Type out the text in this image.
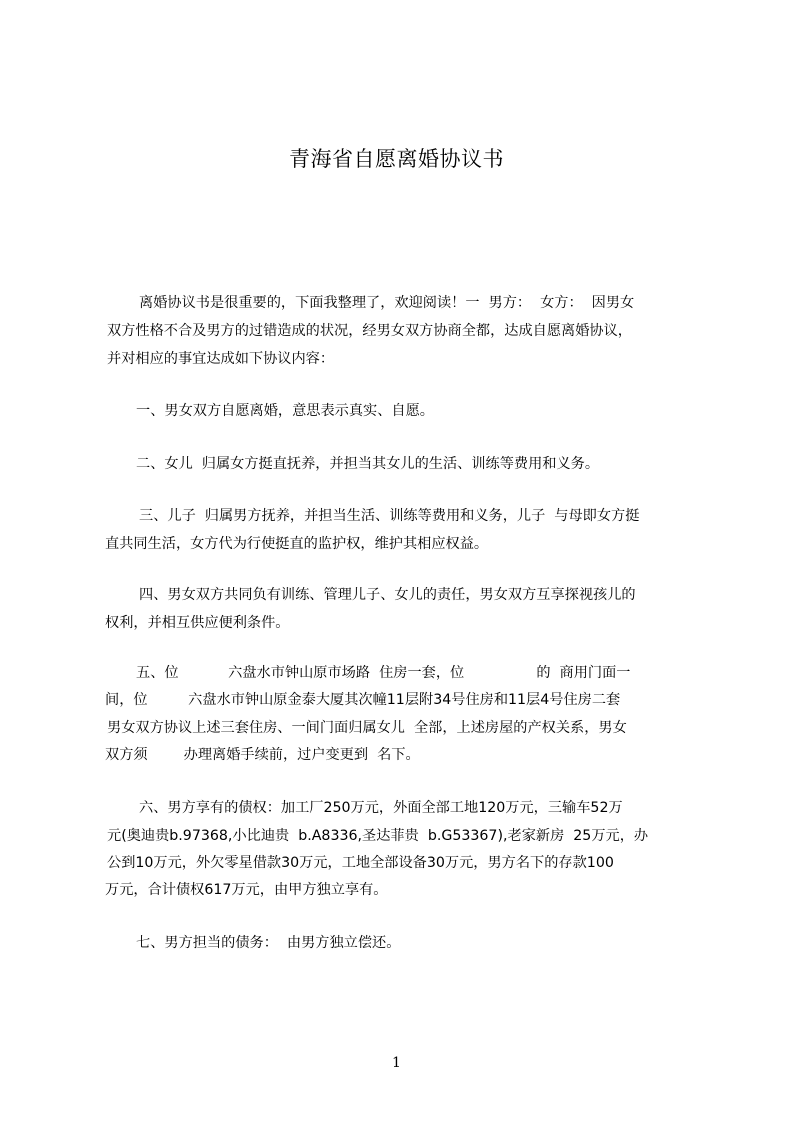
青海省自愿离婚协议书
离婚协议书是很重要的，下面我整理了，欢迎阅读！一  男方：  女方：  因男女
双方性格不合及男方的过错造成的状况，经男女双方协商全都，达成自愿离婚协议，
并对相应的事宜达成如下协议内容：
一、男女双方自愿离婚，意思表示真实、自愿。
二、女儿  归属女方挺直抚养，并担当其女儿的生活、训练等费用和义务。
三、儿子  归属男方抚养，并担当生活、训练等费用和义务，儿子  与母即女方挺
直共同生活，女方代为行使挺直的监护权，维护其相应权益。
四、男女双方共同负有训练、管理儿子、女儿的责任，男女双方互享探视孩儿的
权利，并相互供应便利条件。
五、位           六盘水市钟山原市场路  住房一套，位                的  商用门面一
间，位         六盘水市钟山原金泰大厦其次幢11层附34号住房和11层4号住房二套
男女双方协议上述三套住房、一间门面归属女儿  全部，上述房屋的产权关系，男女
双方须        办理离婚手续前，过户变更到  名下。
六、男方享有的债权：加工厂250万元，外面全部工地120万元，三输车52万
元(奥迪贵b.97368,小比迪贵  b.A8336,圣达菲贵  b.G53367),老家新房  25万元，办
公到10万元，外欠零星借款30万元，工地全部设备30万元，男方名下的存款100
万元，合计债权617万元，由甲方独立享有。
七、男方担当的债务：  由男方独立偿还。
1
